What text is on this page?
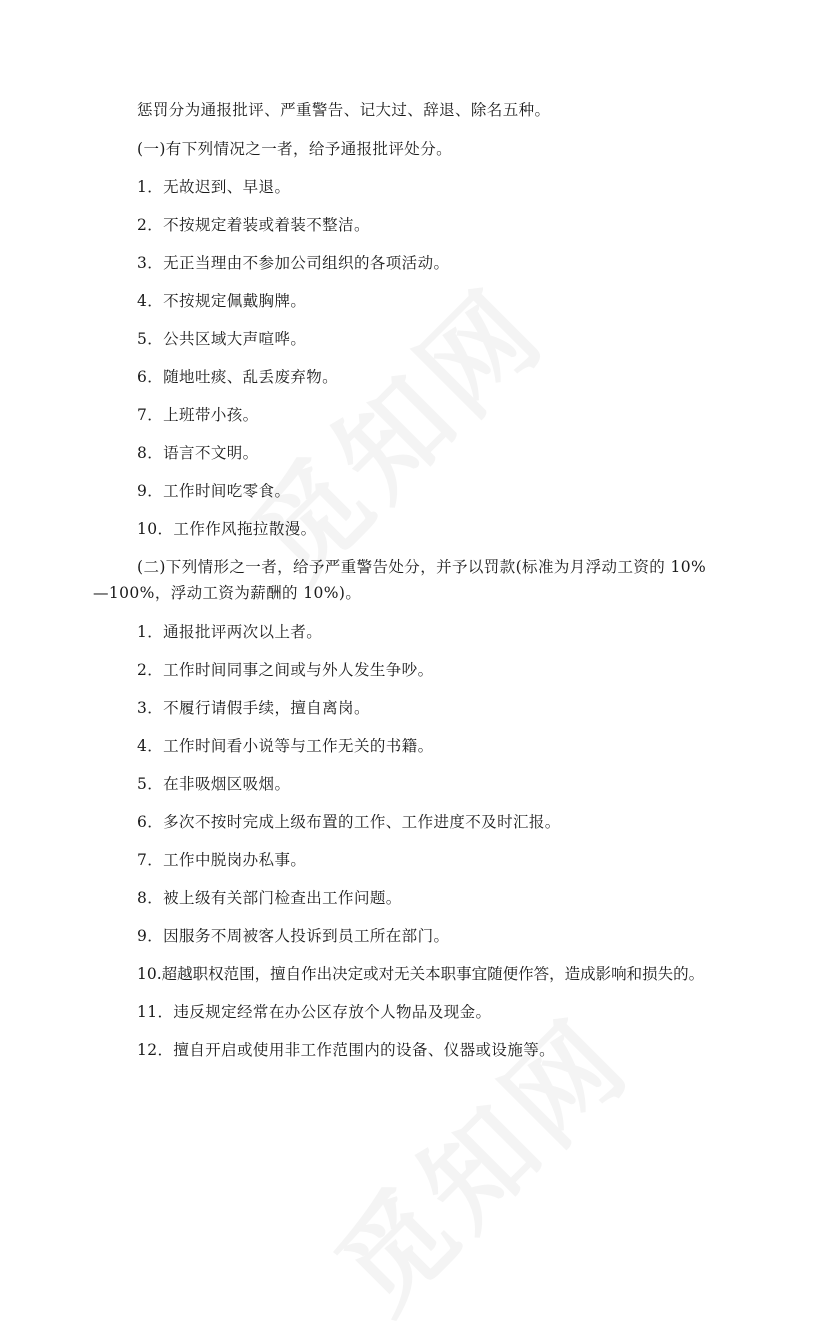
惩罚分为通报批评、严重警告、记大过、辞退、除名五种。
(一)有下列情况之一者，给予通报批评处分。
1．无故迟到、早退。
2．不按规定着装或着装不整洁。
3．无正当理由不参加公司组织的各项活动。
4．不按规定佩戴胸牌。
5．公共区域大声喧哗。
6．随地吐痰、乱丢废弃物。
7．上班带小孩。
8．语言不文明。
9．工作时间吃零食。
10．工作作风拖拉散漫。
(二)下列情形之一者，给予严重警告处分，并予以罚款(标准为月浮动工资的 10%
—100%，浮动工资为薪酬的 10%)。
1．通报批评两次以上者。
2．工作时间同事之间或与外人发生争吵。
3．不履行请假手续，擅自离岗。
4．工作时间看小说等与工作无关的书籍。
5．在非吸烟区吸烟。
6．多次不按时完成上级布置的工作、工作进度不及时汇报。
7．工作中脱岗办私事。
8．被上级有关部门检查出工作问题。
9．因服务不周被客人投诉到员工所在部门。
10.超越职权范围，擅自作出决定或对无关本职事宜随便作答，造成影响和损失的。
11．违反规定经常在办公区存放个人物品及现金。
12．擅自开启或使用非工作范围内的设备、仪器或设施等。
